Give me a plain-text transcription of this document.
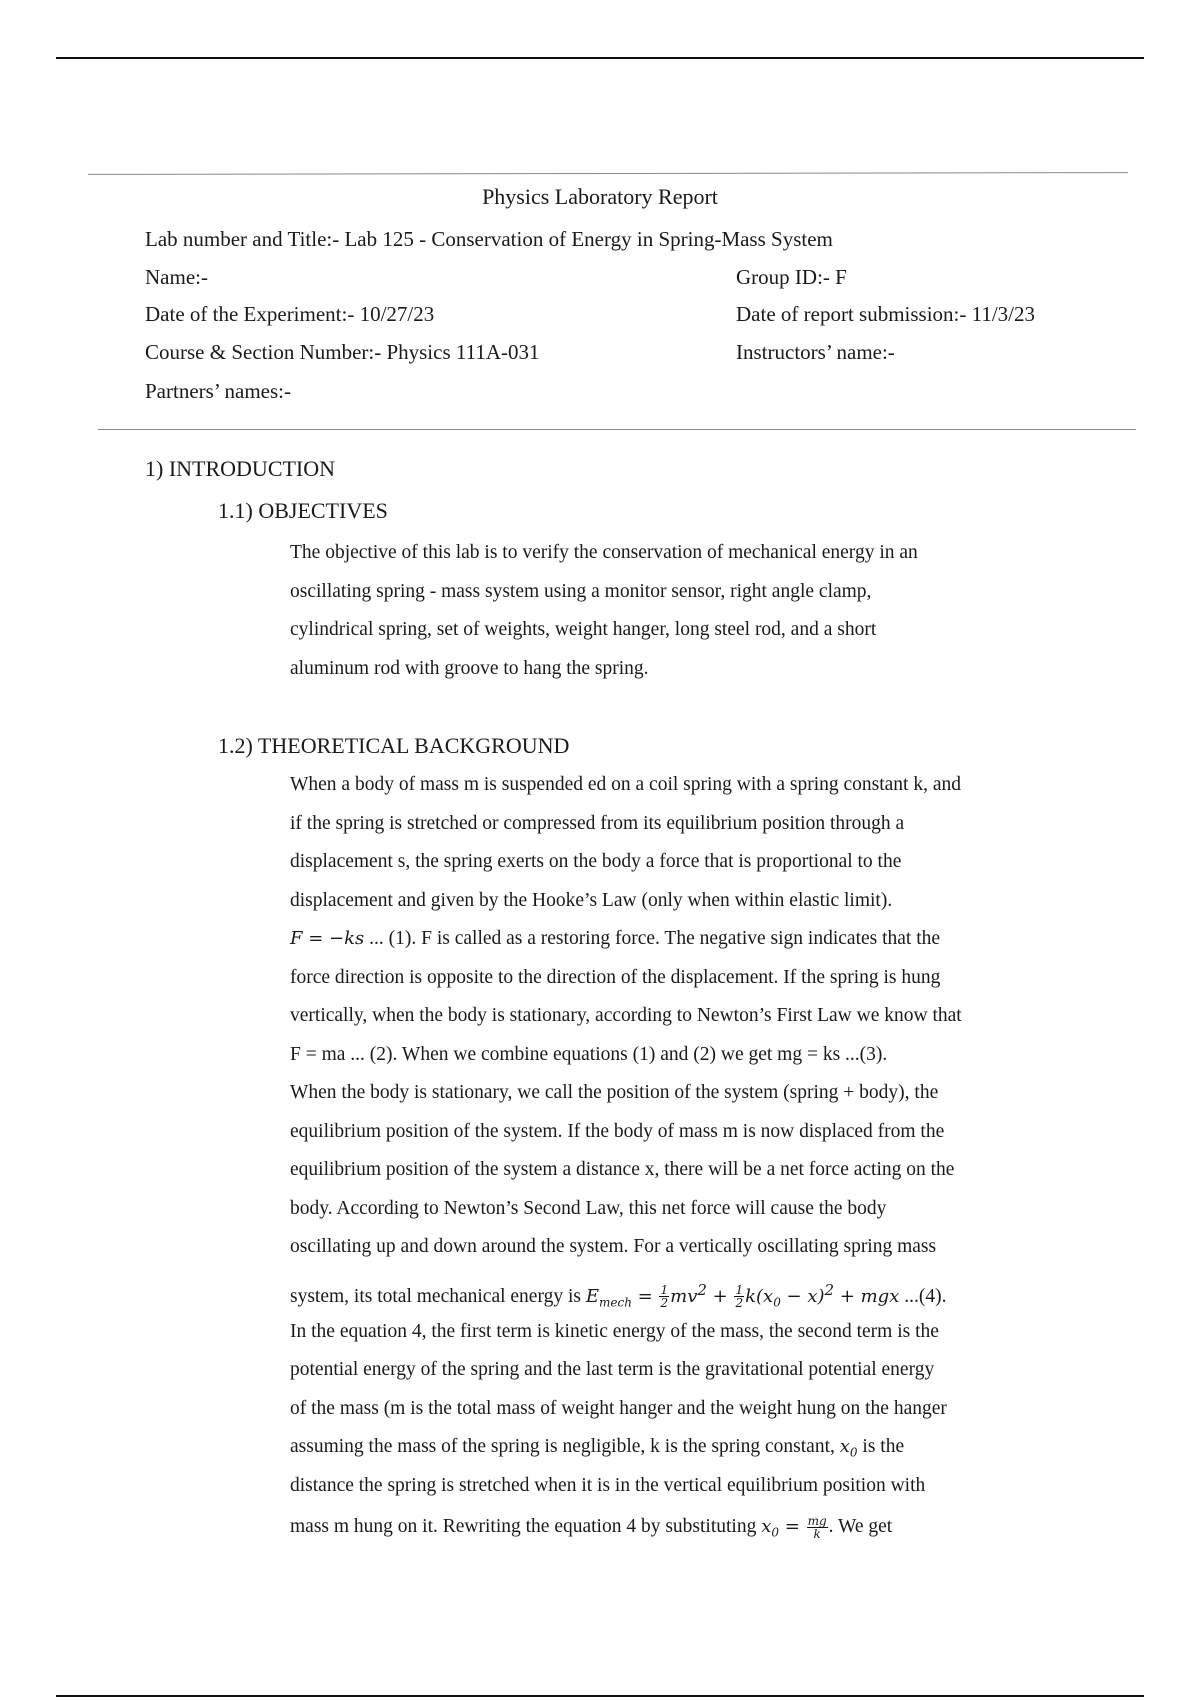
Physics Laboratory Report
Lab number and Title:- Lab 125 - Conservation of Energy in Spring-Mass System
Name:-	Group ID:- F
Date of the Experiment:- 10/27/23	Date of report submission:- 11/3/23
Course & Section Number:- Physics 111A-031	Instructors’ name:-
Partners’ names:-
1) INTRODUCTION
1.1) OBJECTIVES
The objective of this lab is to verify the conservation of mechanical energy in an
oscillating spring - mass system using a monitor sensor, right angle clamp,
cylindrical spring, set of weights, weight hanger, long steel rod, and a short
aluminum rod with groove to hang the spring.
1.2) THEORETICAL BACKGROUND
When a body of mass m is suspended ed on a coil spring with a spring constant k, and
if the spring is stretched or compressed from its equilibrium position through a
displacement s, the spring exerts on the body a force that is proportional to the
displacement and given by the Hooke’s Law (only when within elastic limit).
F = −ks ... (1). F is called as a restoring force. The negative sign indicates that the
force direction is opposite to the direction of the displacement. If the spring is hung
vertically, when the body is stationary, according to Newton’s First Law we know that
F = ma ... (2). When we combine equations (1) and (2) we get mg = ks ...(3).
When the body is stationary, we call the position of the system (spring + body), the
equilibrium position of the system. If the body of mass m is now displaced from the
equilibrium position of the system a distance x, there will be a net force acting on the
body. According to Newton’s Second Law, this net force will cause the body
oscillating up and down around the system. For a vertically oscillating spring mass
system, its total mechanical energy is $E_{mech} = \frac{1}{2} mv^2 + \frac{1}{2} k(x_0 - x)^2$ + mgx ...(4).
In the equation 4, the first term is kinetic energy of the mass, the second term is the
potential energy of the spring and the last term is the gravitational potential energy
of the mass (m is the total mass of weight hanger and the weight hung on the hanger
assuming the mass of the spring is negligible, k is the spring constant, $x_0$ is the
distance the spring is stretched when it is in the vertical equilibrium position with
mass m hung on it. Rewriting the equation 4 by substituting $x_0 = \frac{mg}{k}$ . We get
